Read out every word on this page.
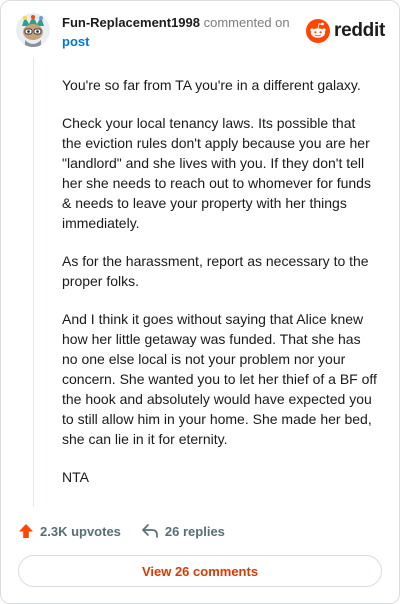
Fun-Replacement1998 commented on
post
reddit

You're so far from TA you're in a different galaxy.

Check your local tenancy laws. Its possible that the eviction rules don't apply because you are her "landlord" and she lives with you. If they don't tell her she needs to reach out to whomever for funds & needs to leave your property with her things immediately.

As for the harassment, report as necessary to the proper folks.

And I think it goes without saying that Alice knew how her little getaway was funded. That she has no one else local is not your problem nor your concern. She wanted you to let her thief of a BF off the hook and absolutely would have expected you to still allow him in your home. She made her bed, she can lie in it for eternity.

NTA

2.3K upvotes	26 replies
View 26 comments
